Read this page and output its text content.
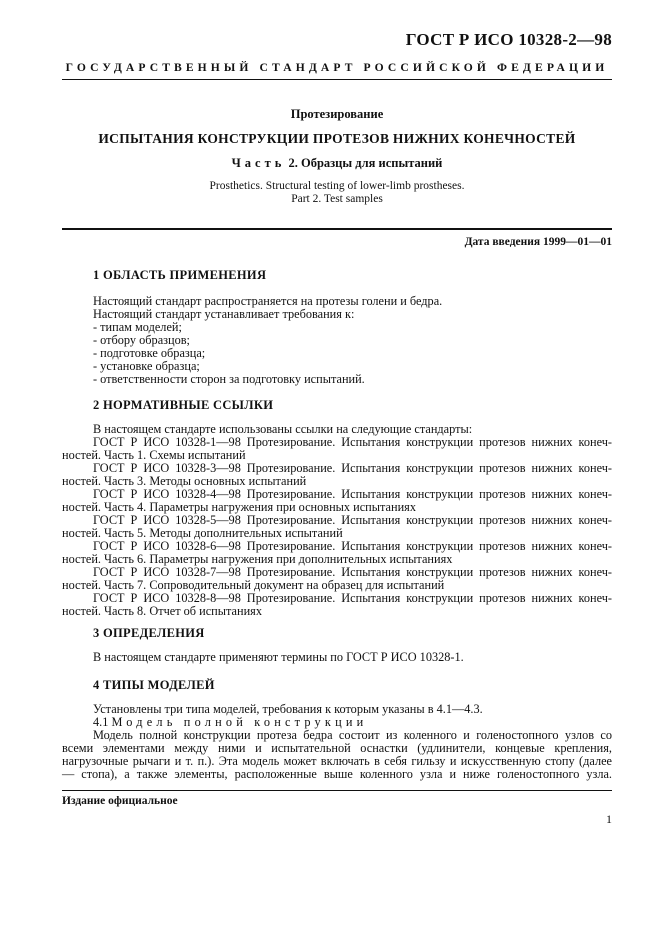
ГОСТ Р ИСО 10328-2—98
ГОСУДАРСТВЕННЫЙ СТАНДАРТ РОССИЙСКОЙ ФЕДЕРАЦИИ
Протезирование
ИСПЫТАНИЯ КОНСТРУКЦИИ ПРОТЕЗОВ НИЖНИХ КОНЕЧНОСТЕЙ
Часть 2. Образцы для испытаний
Prosthetics. Structural testing of lower-limb prostheses.
Part 2. Test samples
Дата введения 1999—01—01
1 ОБЛАСТЬ ПРИМЕНЕНИЯ
Настоящий стандарт распространяется на протезы голени и бедра.
Настоящий стандарт устанавливает требования к:
- типам моделей;
- отбору образцов;
- подготовке образца;
- установке образца;
- ответственности сторон за подготовку испытаний.
2 НОРМАТИВНЫЕ ССЫЛКИ

В настоящем стандарте использованы ссылки на следующие стандарты:

ГОСТ Р ИСО 10328-1—98 Протезирование. Испытания конструкции протезов нижних конеч-

ностей. Часть 1. Схемы испытаний

ГОСТ Р ИСО 10328-3—98 Протезирование. Испытания конструкции протезов нижних конеч-

ностей. Часть 3. Методы основных испытаний

ГОСТ Р ИСО 10328-4—98 Протезирование. Испытания конструкции протезов нижних конеч-

ностей. Часть 4. Параметры нагружения при основных испытаниях

ГОСТ Р ИСО 10328-5—98 Протезирование. Испытания конструкции протезов нижних конеч-

ностей. Часть 5. Методы дополнительных испытаний

ГОСТ Р ИСО 10328-6—98 Протезирование. Испытания конструкции протезов нижних конеч-

ностей. Часть 6. Параметры нагружения при дополнительных испытаниях

ГОСТ Р ИСО 10328-7—98 Протезирование. Испытания конструкции протезов нижних конеч-

ностей. Часть 7. Сопроводительный документ на образец для испытаний

ГОСТ Р ИСО 10328-8—98 Протезирование. Испытания конструкции протезов нижних конеч-

ностей. Часть 8. Отчет об испытаниях

3 ОПРЕДЕЛЕНИЯ
В настоящем стандарте применяют термины по ГОСТ Р ИСО 10328-1.
4 ТИПЫ МОДЕЛЕЙ

Установлены три типа моделей, требования к которым указаны в 4.1—4.3.

4.1 Модель полной конструкции

Модель полной конструкции протеза бедра состоит из коленного и голеностопного узлов со

всеми элементами между ними и испытательной оснастки (удлинители, концевые крепления,

нагрузочные рычаги и т. п.). Эта модель может включать в себя гильзу и искусственную стопу (далее

— стопа), а также элементы, расположенные выше коленного узла и ниже голеностопного узла.

Издание официальное
1
